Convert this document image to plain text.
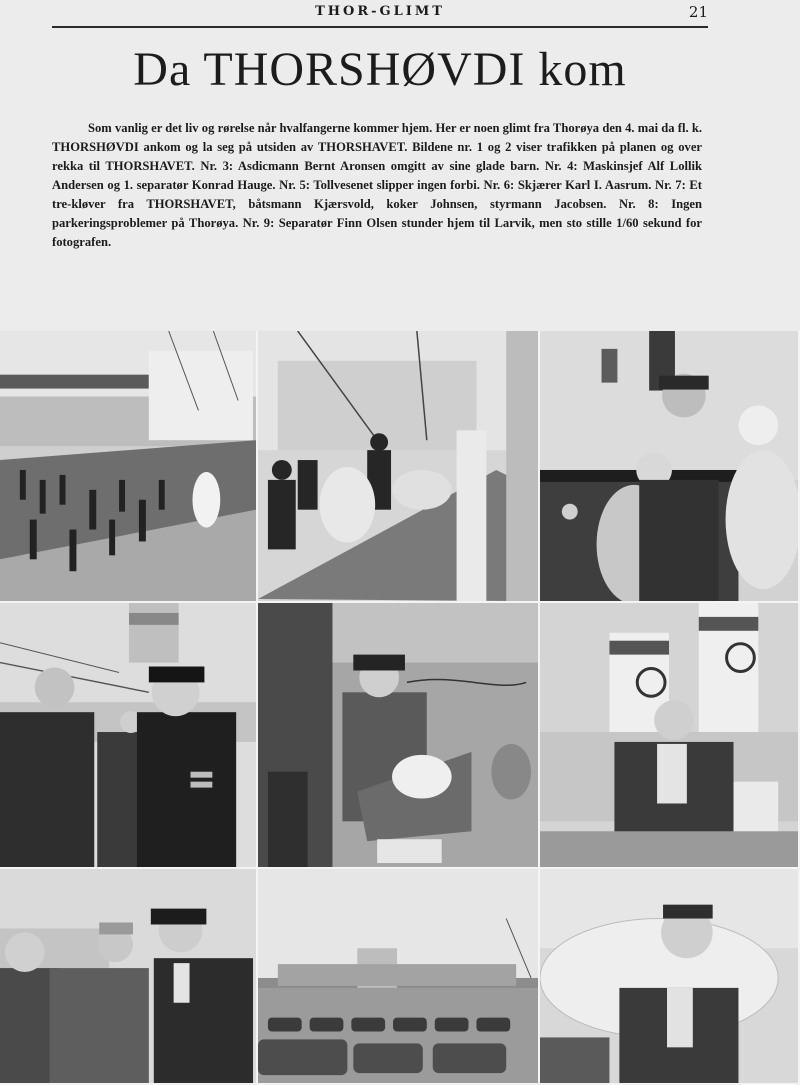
THOR-GLIMT	21
Da THORSHØVDI kom

Som vanlig er det liv og rørelse når hvalfangerne kommer hjem. Her er noen glimt fra Thorøya den 4. mai da fl. k. THORSHØVDI ankom og la seg på utsiden av THORSHAVET. Bildene nr. 1 og 2 viser trafikken på planen og over rekka til THORSHAVET. Nr. 3: Asdicmann Bernt Aronsen omgitt av sine glade barn. Nr. 4: Maskinsjef Alf Lollik Andersen og 1. separatør Konrad Hauge. Nr. 5: Tollvesenet slipper ingen forbi. Nr. 6: Skjærer Karl I. Aasrum. Nr. 7: Et tre-kløver fra THORSHAVET, båtsmann Kjærsvold, koker Johnsen, styrmann Jacobsen. Nr. 8: Ingen parkeringsproblemer på Thorøya. Nr. 9: Separatør Finn Olsen stunder hjem til Larvik, men sto stille 1/60 sekund for fotografen.
